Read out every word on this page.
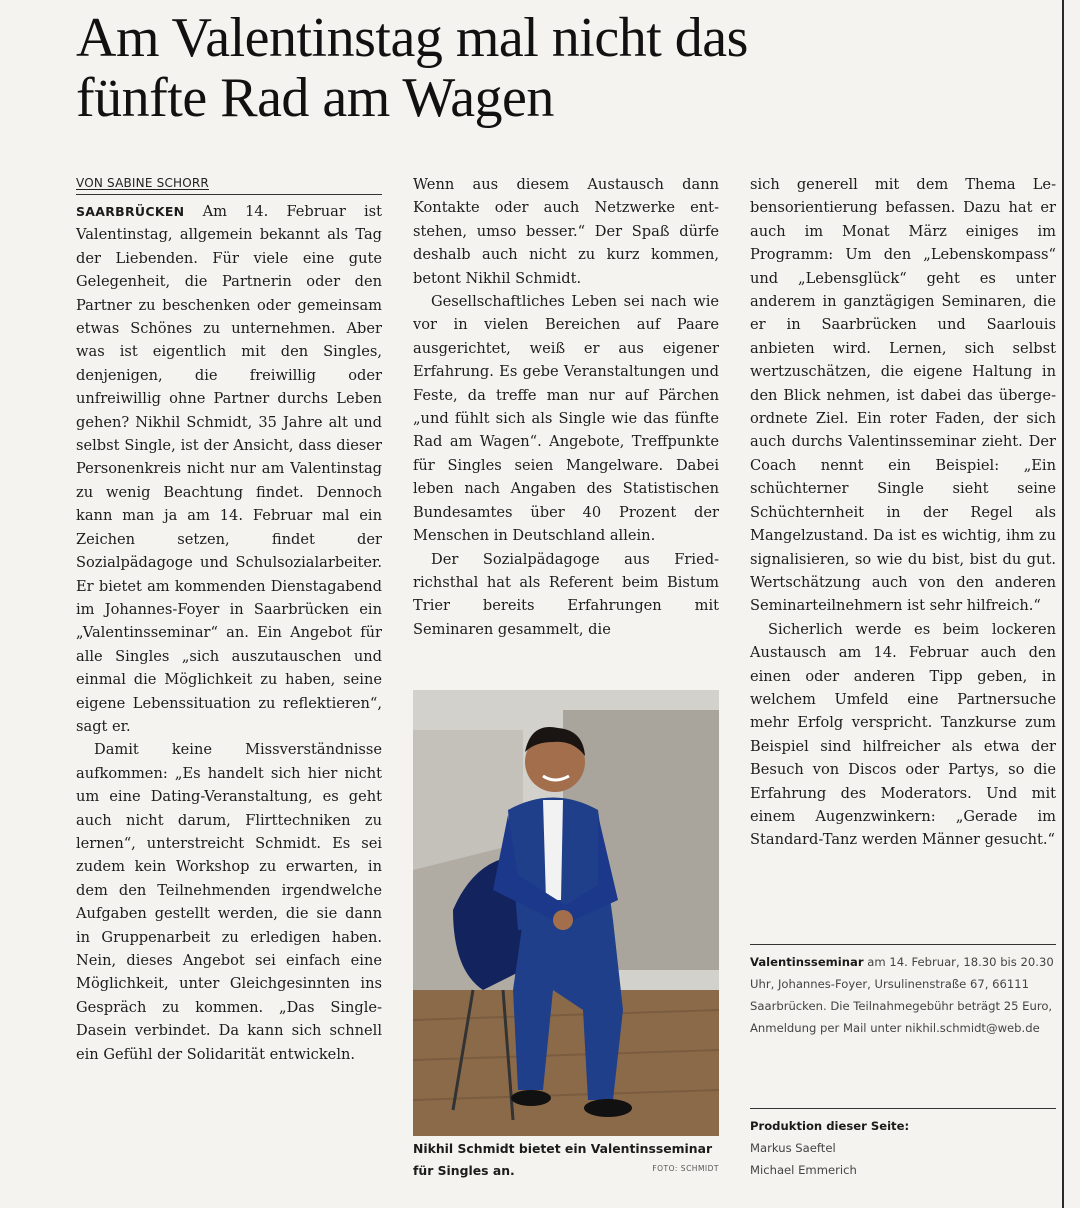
Am Valentinstag mal nicht das
fünfte Rad am Wagen
VON SABINE SCHORR

SAARBRÜCKEN Am 14. Februar ist Valentinstag, allgemein bekannt als Tag der Liebenden. Für viele eine gute Gelegenheit, die Partnerin oder den Partner zu beschenken oder gemeinsam etwas Schönes zu unternehmen. Aber was ist eigentlich mit den Singles, denjenigen, die freiwillig oder unfreiwillig ohne Partner durchs Leben gehen? Nikhil Schmidt, 35 Jahre alt und selbst Single, ist der Ansicht, dass dieser Personenkreis nicht nur am Valentinstag zu wenig Beachtung findet. Dennoch kann man ja am 14. Februar mal ein Zeichen setzen, findet der Sozialpädagoge und Schulsozialarbeiter. Er bietet am kommenden Dienstagabend im Johannes-Foyer in Saarbrücken ein „Valentinsseminar“ an. Ein Angebot für alle Singles „sich auszutauschen und einmal die Möglichkeit zu haben, seine eigene Lebenssituation zu reflektieren“, sagt er.

Damit keine Missverständnisse aufkommen: „Es handelt sich hier nicht um eine Dating-Veranstaltung, es geht auch nicht darum, Flirttechniken zu lernen“, unterstreicht Schmidt. Es sei zudem kein Workshop zu erwarten, in dem den Teilnehmenden irgendwelche Aufgaben gestellt werden, die sie dann in Gruppenarbeit zu erledigen haben. Nein, dieses Angebot sei einfach eine Möglichkeit, unter Gleichgesinnten ins Gespräch zu kommen. „Das Single-Dasein verbindet. Da kann sich schnell ein Gefühl der Solidarität entwickeln.

Wenn aus diesem Austausch dann Kontakte oder auch Netzwerke entstehen, umso besser.“ Der Spaß dürfe deshalb auch nicht zu kurz kommen, betont Nikhil Schmidt.

Gesellschaftliches Leben sei nach wie vor in vielen Bereichen auf Paare ausgerichtet, weiß er aus eigener Erfahrung. Es gebe Veranstaltungen und Feste, da treffe man nur auf Pärchen „und fühlt sich als Single wie das fünfte Rad am Wagen“. Angebote, Treffpunkte für Singles seien Mangelware. Dabei leben nach Angaben des Statistischen Bundesamtes über 40 Prozent der Menschen in Deutschland allein.

Der Sozialpädagoge aus Friedrichsthal hat als Referent beim Bistum Trier bereits Erfahrungen mit Seminaren gesammelt, die

Nikhil Schmidt bietet ein Valentinsseminar für Singles an.	FOTO: SCHMIDT

sich generell mit dem Thema Lebensorientierung befassen. Dazu hat er auch im Monat März einiges im Programm: Um den „Lebenskompass“ und „Lebensglück“ geht es unter anderem in ganztägigen Seminaren, die er in Saarbrücken und Saarlouis anbieten wird. Lernen, sich selbst wertzuschätzen, die eigene Haltung in den Blick nehmen, ist dabei das übergeordnete Ziel. Ein roter Faden, der sich auch durchs Valentinsseminar zieht. Der Coach nennt ein Beispiel: „Ein schüchterner Single sieht seine Schüchternheit in der Regel als Mangelzustand. Da ist es wichtig, ihm zu signalisieren, so wie du bist, bist du gut. Wertschätzung auch von den anderen Seminarteilnehmern ist sehr hilfreich.“

Sicherlich werde es beim lockeren Austausch am 14. Februar auch den einen oder anderen Tipp geben, in welchem Umfeld eine Partnersuche mehr Erfolg verspricht. Tanzkurse zum Beispiel sind hilfreicher als etwa der Besuch von Discos oder Partys, so die Erfahrung des Moderators. Und mit einem Augenzwinkern: „Gerade im Standard-Tanz werden Männer gesucht.“

Valentinsseminar am 14. Februar, 18.30 bis 20.30 Uhr, Johannes-Foyer, Ursulinenstraße 67, 66111 Saarbrücken. Die Teilnahmegebühr beträgt 25 Euro, Anmeldung per Mail unter nikhil.​schmidt@web.de
Produktion dieser Seite:
Markus Saeftel
Michael Emmerich
